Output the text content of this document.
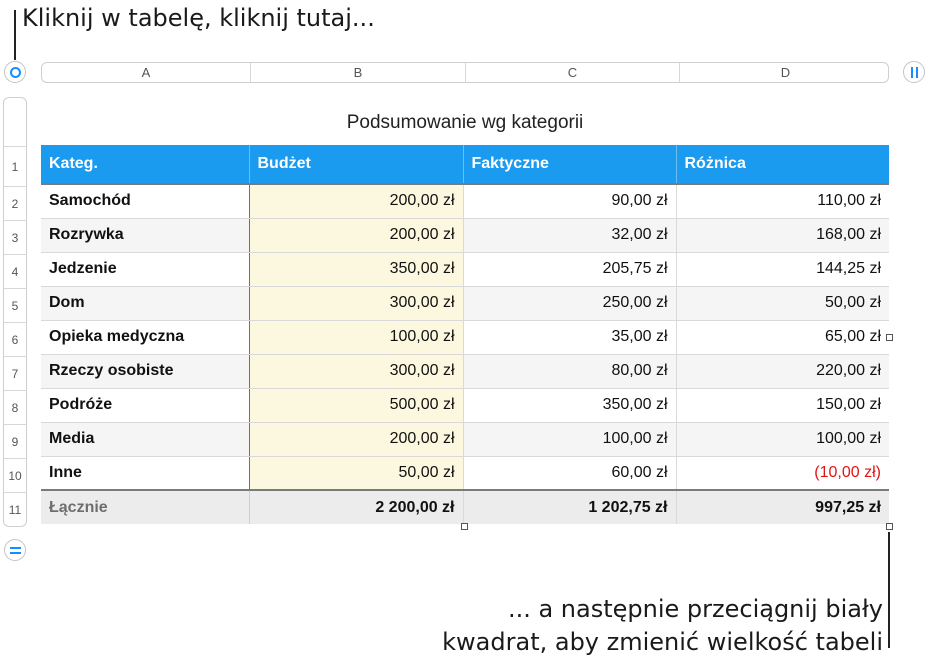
Kliknij w tabelę, kliknij tutaj...
... a następnie przeciągnij biały
kwadrat, aby zmienić wielkość tabeli
A	B	C	D
1
2
3
4
5
6
7
8
9
10
11
Podsumowanie wg kategorii
Kateg.	Budżet	Faktyczne	Różnica
Samochód	200,00 zł	90,00 zł	110,00 zł
Rozrywka	200,00 zł	32,00 zł	168,00 zł
Jedzenie	350,00 zł	205,75 zł	144,25 zł
Dom	300,00 zł	250,00 zł	50,00 zł
Opieka medyczna	100,00 zł	35,00 zł	65,00 zł
Rzeczy osobiste	300,00 zł	80,00 zł	220,00 zł
Podróże	500,00 zł	350,00 zł	150,00 zł
Media	200,00 zł	100,00 zł	100,00 zł
Inne	50,00 zł	60,00 zł	(10,00 zł)
Łącznie	2 200,00 zł	1 202,75 zł	997,25 zł
